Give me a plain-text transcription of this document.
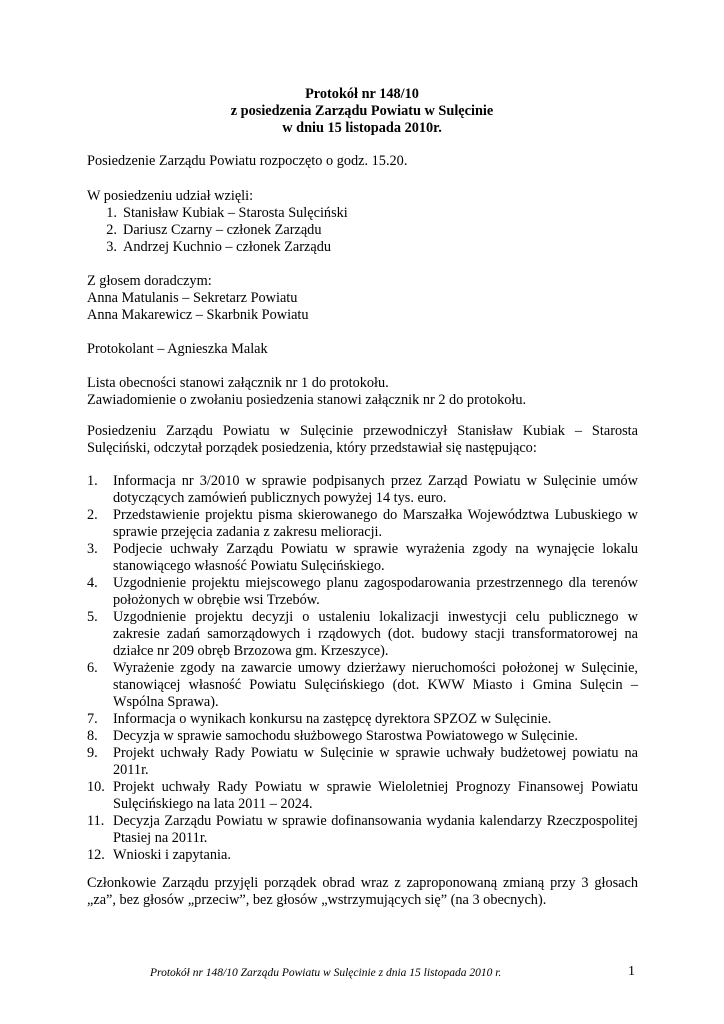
Protokół nr 148/10
z posiedzenia Zarządu Powiatu w Sulęcinie
w dniu 15 listopada 2010r.
Posiedzenie Zarządu Powiatu rozpoczęto o godz. 15.20.
W posiedzeniu udział wzięli:
1. Stanisław Kubiak – Starosta Sulęciński
2. Dariusz Czarny – członek Zarządu
3. Andrzej Kuchnio – członek Zarządu
Z głosem doradczym:
Anna Matulanis – Sekretarz Powiatu
Anna Makarewicz – Skarbnik Powiatu
Protokolant – Agnieszka Malak
Lista obecności stanowi załącznik nr 1 do protokołu.
Zawiadomienie o zwołaniu posiedzenia stanowi załącznik nr 2 do protokołu.
Posiedzeniu Zarządu Powiatu w Sulęcinie przewodniczył Stanisław Kubiak – Starosta Sulęciński, odczytał porządek posiedzenia, który przedstawiał się następująco:
1.	Informacja nr 3/2010 w sprawie podpisanych przez Zarząd Powiatu w Sulęcinie umów dotyczących zamówień publicznych powyżej 14 tys. euro.
2.	Przedstawienie projektu pisma skierowanego do Marszałka Województwa Lubuskiego w sprawie przejęcia zadania z zakresu melioracji.
3.	Podjecie uchwały Zarządu Powiatu w sprawie wyrażenia zgody na wynajęcie lokalu stanowiącego własność Powiatu Sulęcińskiego.
4.	Uzgodnienie projektu miejscowego planu zagospodarowania przestrzennego dla terenów położonych w obrębie wsi Trzebów.
5.	Uzgodnienie projektu decyzji o ustaleniu lokalizacji inwestycji celu publicznego w zakresie zadań samorządowych i rządowych (dot. budowy stacji transformatorowej na działce nr 209 obręb Brzozowa gm. Krzeszyce).
6.	Wyrażenie zgody na zawarcie umowy dzierżawy nieruchomości położonej w Sulęcinie, stanowiącej własność Powiatu Sulęcińskiego (dot. KWW Miasto i Gmina Sulęcin – Wspólna Sprawa).
7.	Informacja o wynikach konkursu na zastępcę dyrektora SPZOZ w Sulęcinie.
8.	Decyzja w sprawie samochodu służbowego Starostwa Powiatowego w Sulęcinie.
9.	Projekt uchwały Rady Powiatu w Sulęcinie w sprawie uchwały budżetowej powiatu na 2011r.
10. Projekt uchwały Rady Powiatu w sprawie Wieloletniej Prognozy Finansowej Powiatu Sulęcińskiego na lata 2011 – 2024.
11. Decyzja Zarządu Powiatu w sprawie dofinansowania wydania kalendarzy Rzeczpospolitej Ptasiej na 2011r.
12. Wnioski i zapytania.
Członkowie Zarządu przyjęli porządek obrad wraz z zaproponowaną zmianą przy 3 głosach „za”, bez głosów „przeciw”, bez głosów „wstrzymujących się” (na 3 obecnych).
Protokół nr 148/10 Zarządu Powiatu w Sulęcinie z dnia 15 listopada 2010 r.	1
